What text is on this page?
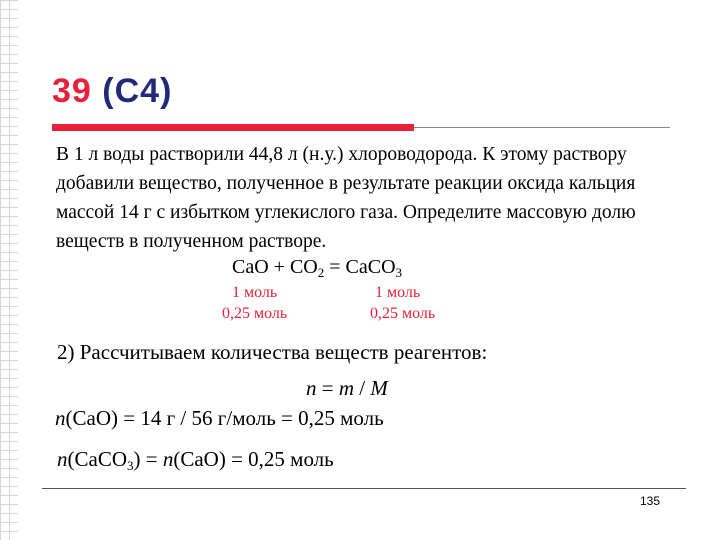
39 (C4)
В 1 л воды растворили 44,8 л (н.у.) хлороводорода. К этому раствору добавили вещество, полученное в результате реакции оксида кальция массой 14 г с избытком углекислого газа. Определите массовую долю веществ в полученном растворе.
CaO + $CO_2$ = CaCO$_3$
1 моль
0,25 моль
1 моль
0,25 моль
2) Рассчитываем количества веществ реагентов:
n = m / M
n(CaO) = 14 г / 56 г/моль = 0,25 моль
n(CaCO$_3$) = n(CaO) = 0,25 моль
135
